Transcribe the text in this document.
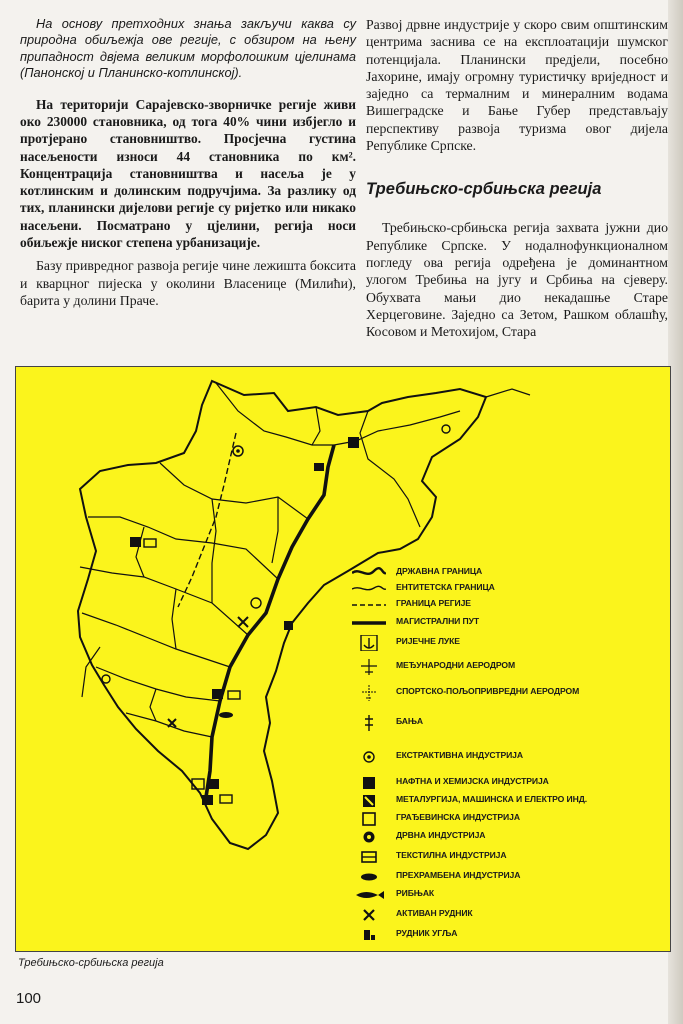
На основу претходних знања закључи каква су природна обиљежја ове регије, с обзиром на њену припадност двјема великим морфолошким цјелинама (Панонској и Планинско-котлинској).

На територији Сарајевско-зворничке регије живи око 230000 становника, од тога 40% чини избјегло и протјерано становништво. Просјечна густина насељености износи 44 становника по км². Концентрација становништва и насеља је у котлинским и долинским подручјима. За разлику од тих, планински дијелови регије су ријетко или никако насељени. Посматрано у цјелини, регија носи обиљежје ниског степена урбанизације.

Базу привредног развоја регије чине лежишта боксита и кварцног пијеска у околини Власенице (Милићи), барита у долини Праче.

Развој дрвне индустрије у скоро свим општинским центрима заснива се на експлоатацији шумског потенцијала. Планински предјели, посебно Јахорине, имају огромну туристичку вриједност и заједно са термалним и минералним водама Вишеградске и Бање Губер представљају перспективу развоја туризма овог дијела Републике Српске.

Требињско-србињска регија

Требињско-србињска регија захвата јужни дио Републике Српске. У нодалнофункционалном погледу ова регија одређена је доминантном улогом Требиња на југу и Србиња на сјеверу. Обухвата мањи дио некадашње Старе Херцеговине. Заједно са Зетом, Рашком облашћу, Косовом и Метохијом, Стара

ДРЖАВНА ГРАНИЦА
ЕНТИТЕТСКА ГРАНИЦА
ГРАНИЦА РЕГИЈЕ
МАГИСТРАЛНИ ПУТ
РИЈЕЧНЕ ЛУКЕ
МЕЂУНАРОДНИ АЕРОДРОМ
СПОРТСКО-ПОЉОПРИВРЕДНИ АЕРОДРОМ
БАЊА
ЕКСТРАКТИВНА ИНДУСТРИЈА
НАФТНА И ХЕМИЈСКА ИНДУСТРИЈА
МЕТАЛУРГИЈА, МАШИНСКА И ЕЛЕКТРО ИНД.
ГРАЂЕВИНСКА ИНДУСТРИЈА
ДРВНА ИНДУСТРИЈА
ТЕКСТИЛНА ИНДУСТРИЈА
ПРЕХРАМБЕНА ИНДУСТРИЈА
РИБЊАК
АКТИВАН РУДНИК
РУДНИК УГЉА
Требињско-србињска регија
100
